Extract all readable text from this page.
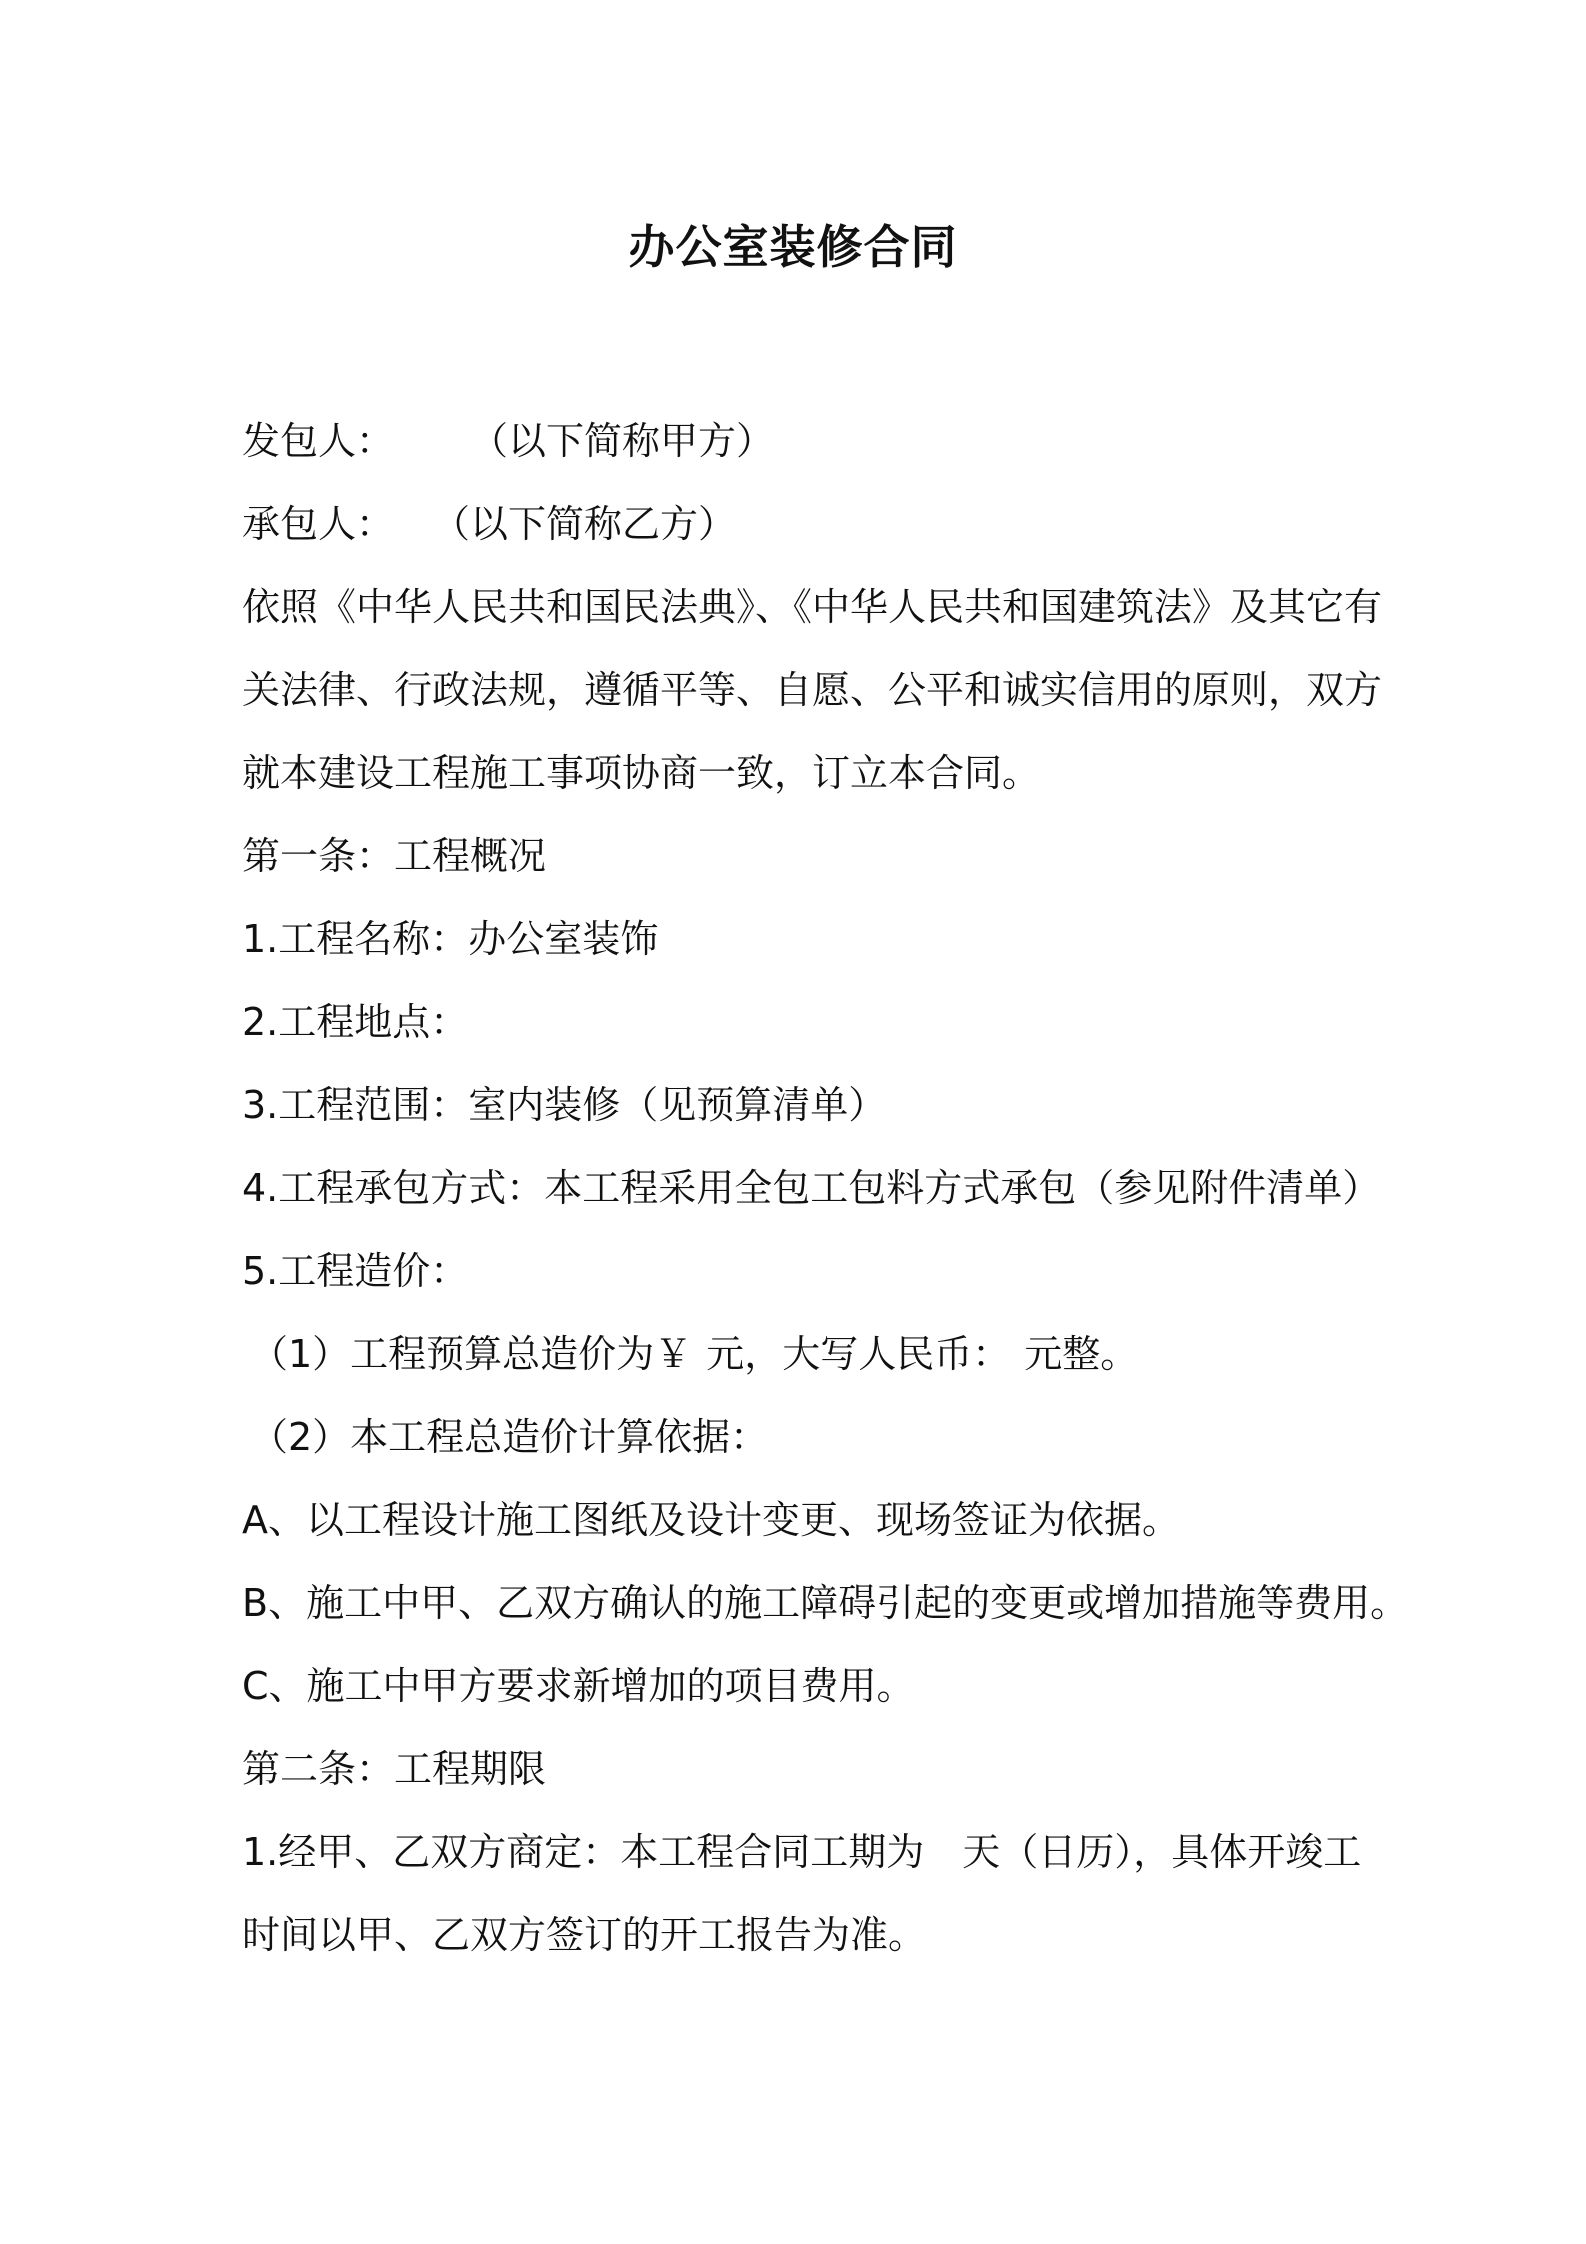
办公室装修合同
发包人： （以下简称甲方）
承包人： （以下简称乙方）
依照《中华人民共和国民法典》、《中华人民共和国建筑法》及其它有
关法律、行政法规，遵循平等、自愿、公平和诚实信用的原则，双方
就本建设工程施工事项协商一致，订立本合同。
第一条：工程概况
1.工程名称：办公室装饰
2.工程地点：
3.工程范围：室内装修（见预算清单）
4.工程承包方式：本工程采用全包工包料方式承包（参见附件清单）
5.工程造价：
（1）工程预算总造价为￥ 元，大写人民币： 元整。
（2）本工程总造价计算依据：
A、以工程设计施工图纸及设计变更、现场签证为依据。
B、施工中甲、乙双方确认的施工障碍引起的变更或增加措施等费用。
C、施工中甲方要求新增加的项目费用。
第二条：工程期限
1.经甲、乙双方商定：本工程合同工期为 天（日历），具体开竣工
时间以甲、乙双方签订的开工报告为准。
